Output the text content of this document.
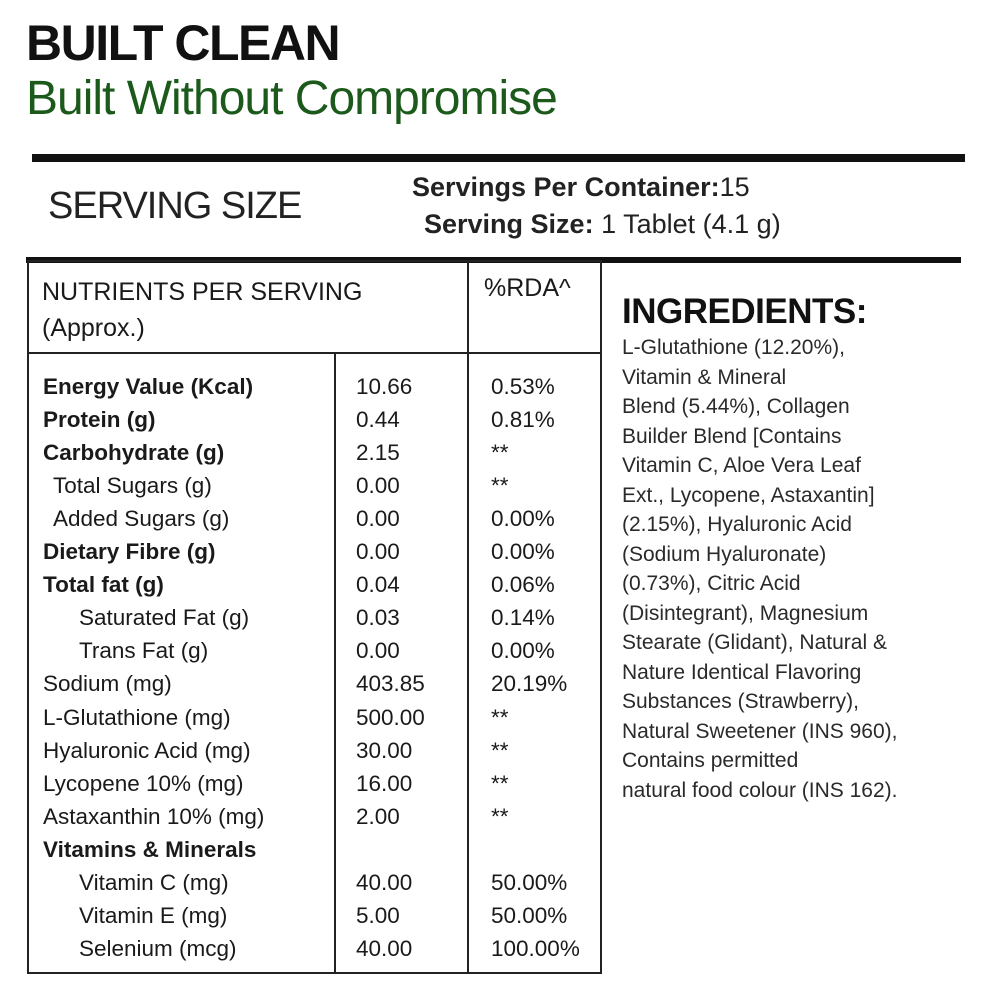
BUILT CLEAN
Built Without Compromise
SERVING SIZE	Servings Per Container:15
Serving Size: 1 Tablet (4.1 g)
NUTRIENTS PER SERVING
(Approx.)
%RDA^
Energy Value (Kcal)	10.66	0.53%
Protein (g)	0.44	0.81%
Carbohydrate (g)	2.15	**
Total Sugars (g)	0.00	**
Added Sugars (g)	0.00	0.00%
Dietary Fibre (g)	0.00	0.00%
Total fat (g)	0.04	0.06%
Saturated Fat (g)	0.03	0.14%
Trans Fat (g)	0.00	0.00%
Sodium (mg)	403.85	20.19%
L-Glutathione (mg)	500.00	**
Hyaluronic Acid (mg)	30.00	**
Lycopene 10% (mg)	16.00	**
Astaxanthin 10% (mg)	2.00	**
Vitamins & Minerals
Vitamin C (mg)	40.00	50.00%
Vitamin E (mg)	5.00	50.00%
Selenium (mcg)	40.00	100.00%
INGREDIENTS:
L-Glutathione (12.20%),
Vitamin & Mineral
Blend (5.44%), Collagen
Builder Blend [Contains
Vitamin C, Aloe Vera Leaf
Ext., Lycopene, Astaxantin]
(2.15%), Hyaluronic Acid
(Sodium Hyaluronate)
(0.73%), Citric Acid
(Disintegrant), Magnesium
Stearate (Glidant), Natural &
Nature Identical Flavoring
Substances (Strawberry),
Natural Sweetener (INS 960),
Contains permitted
natural food colour (INS 162).
